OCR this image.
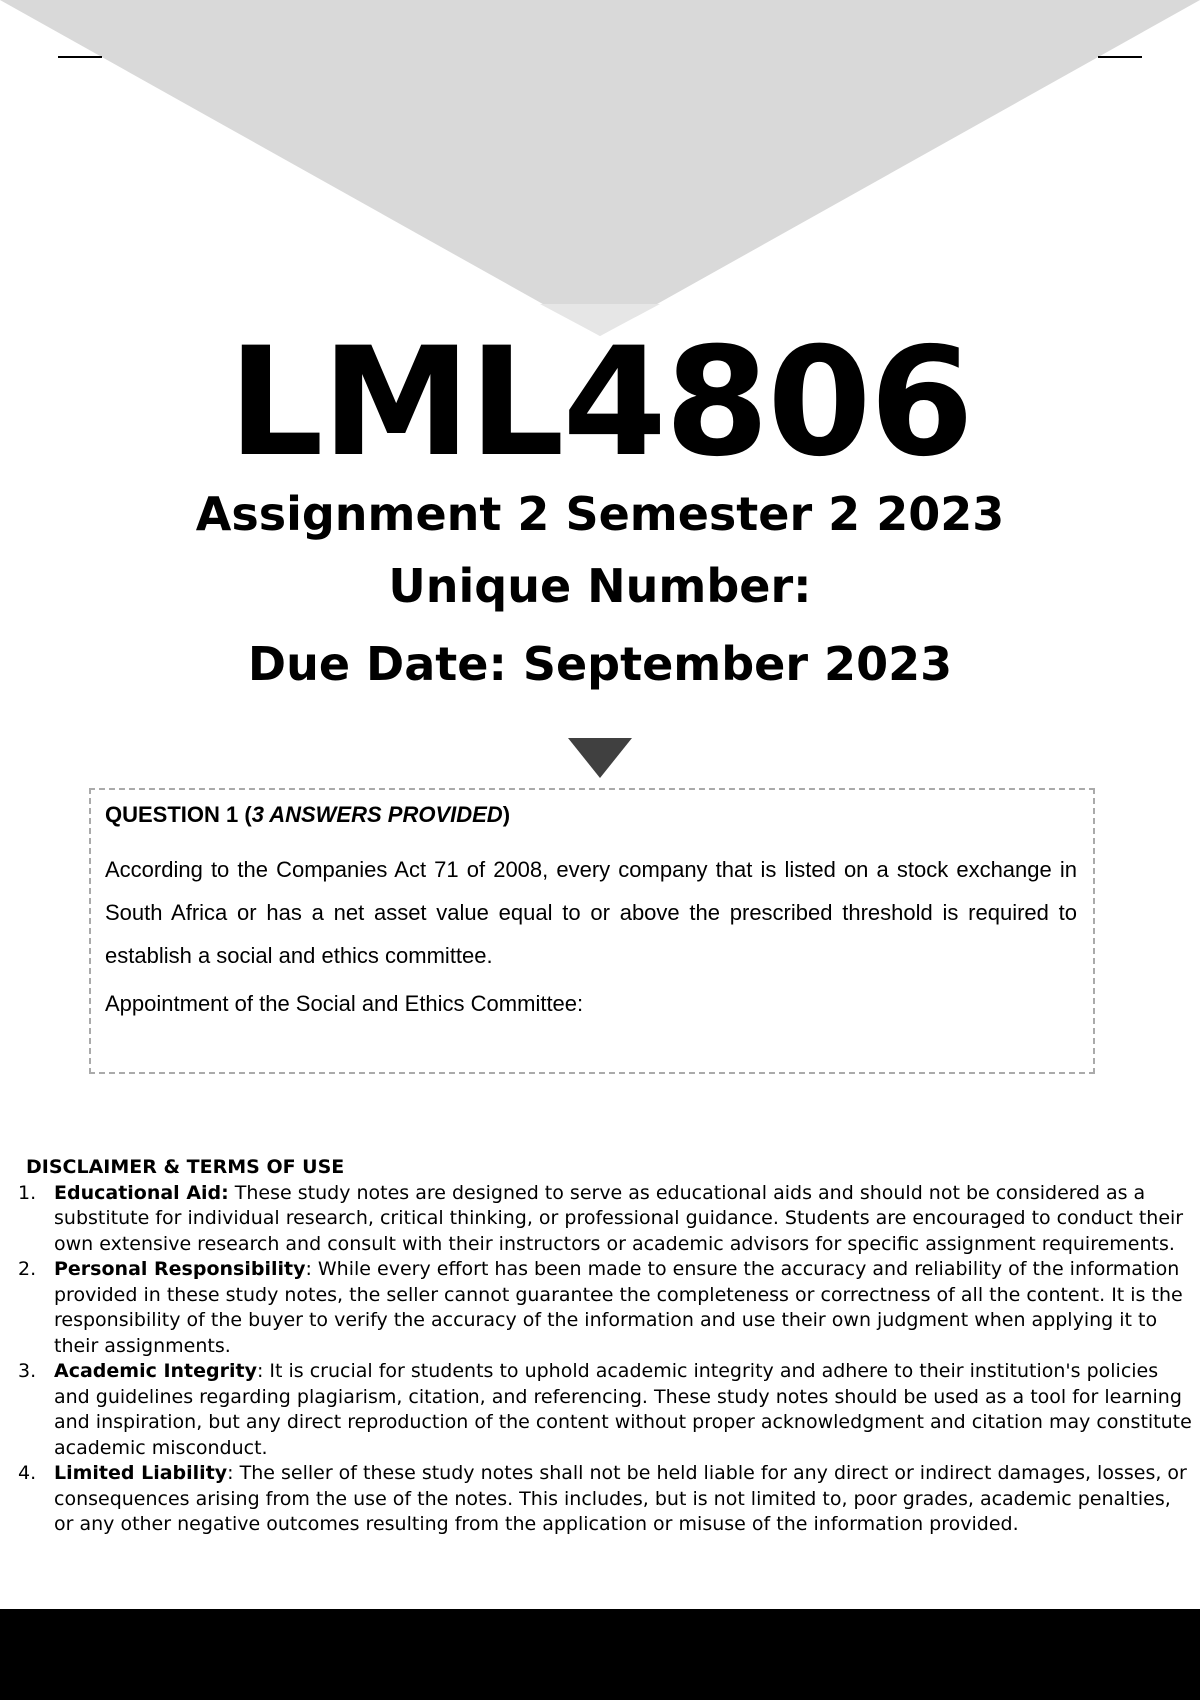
LML4806
Assignment 2 Semester 2 2023
Unique Number:
Due Date: September 2023

QUESTION 1 (3 ANSWERS PROVIDED)

According to the Companies Act 71 of 2008, every company that is listed on a stock exchange in South Africa or has a net asset value equal to or above the prescribed threshold is required to establish a social and ethics committee.

Appointment of the Social and Ethics Committee:

DISCLAIMER & TERMS OF USE
1. Educational Aid: These study notes are designed to serve as educational aids and should not be considered as a substitute for individual research, critical thinking, or professional guidance. Students are encouraged to conduct their own extensive research and consult with their instructors or academic advisors for specific assignment requirements.
2. Personal Responsibility: While every effort has been made to ensure the accuracy and reliability of the information provided in these study notes, the seller cannot guarantee the completeness or correctness of all the content. It is the responsibility of the buyer to verify the accuracy of the information and use their own judgment when applying it to their assignments.
3. Academic Integrity: It is crucial for students to uphold academic integrity and adhere to their institution's policies and guidelines regarding plagiarism, citation, and referencing. These study notes should be used as a tool for learning and inspiration, but any direct reproduction of the content without proper acknowledgment and citation may constitute academic misconduct.
4. Limited Liability: The seller of these study notes shall not be held liable for any direct or indirect damages, losses, or consequences arising from the use of the notes. This includes, but is not limited to, poor grades, academic penalties, or any other negative outcomes resulting from the application or misuse of the information provided.
